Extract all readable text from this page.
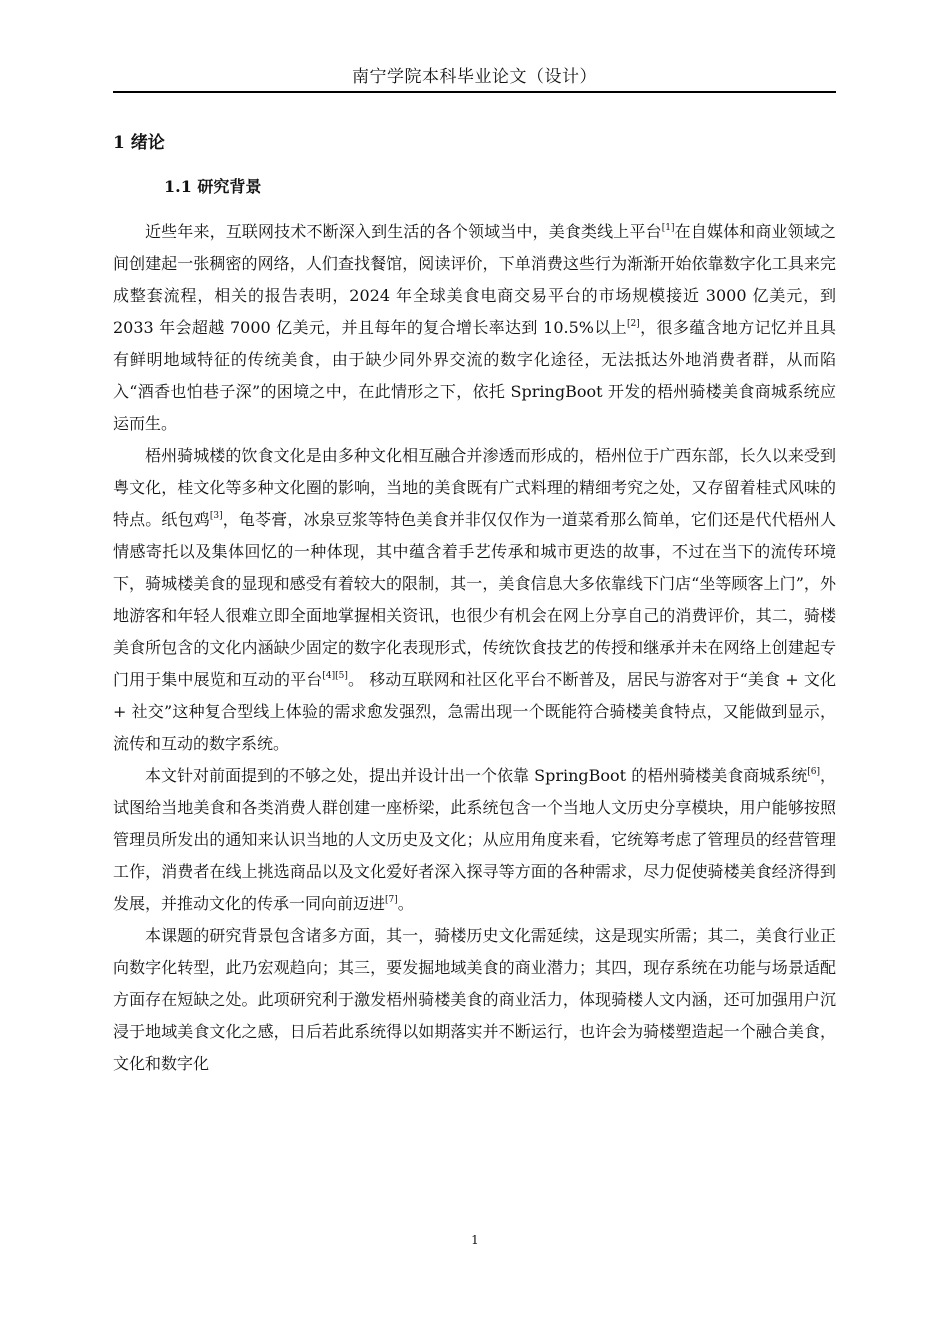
南宁学院本科毕业论文（设计）
1 绪论
1.1 研究背景

近些年来，互联网技术不断深入到生活的各个领域当中，美食类线上平台[1]在自媒体和商业领域之间创建起一张稠密的网络，人们查找餐馆，阅读评价，下单消费这些行为渐渐开始依靠数字化工具来完成整套流程，相关的报告表明，2024 年全球美食电商交易平台的市场规模接近 3000 亿美元，到 2033 年会超越 7000 亿美元，并且每年的复合增长率达到 10.5%以上[2]，很多蕴含地方记忆并且具有鲜明地域特征的传统美食，由于缺少同外界交流的数字化途径，无法抵达外地消费者群，从而陷入“酒香也怕巷子深”的困境之中，在此情形之下，依托 SpringBoot 开发的梧州骑楼美食商城系统应运而生。

梧州骑城楼的饮食文化是由多种文化相互融合并渗透而形成的，梧州位于广西东部，长久以来受到粤文化，桂文化等多种文化圈的影响，当地的美食既有广式料理的精细考究之处，又存留着桂式风味的特点。纸包鸡[3]，龟苓膏，冰泉豆浆等特色美食并非仅仅作为一道菜肴那么简单，它们还是代代梧州人情感寄托以及集体回忆的一种体现，其中蕴含着手艺传承和城市更迭的故事，不过在当下的流传环境下，骑城楼美食的显现和感受有着较大的限制，其一，美食信息大多依靠线下门店“坐等顾客上门”，外地游客和年轻人很难立即全面地掌握相关资讯，也很少有机会在网上分享自己的消费评价，其二，骑楼美食所包含的文化内涵缺少固定的数字化表现形式，传统饮食技艺的传授和继承并未在网络上创建起专门用于集中展览和互动的平台[4][5]。 移动互联网和社区化平台不断普及，居民与游客对于“美食 + 文化 + 社交”这种复合型线上体验的需求愈发强烈，急需出现一个既能符合骑楼美食特点，又能做到显示，流传和互动的数字系统。

本文针对前面提到的不够之处，提出并设计出一个依靠 SpringBoot 的梧州骑楼美食商城系统[6]，试图给当地美食和各类消费人群创建一座桥梁，此系统包含一个当地人文历史分享模块，用户能够按照管理员所发出的通知来认识当地的人文历史及文化；从应用角度来看，它统筹考虑了管理员的经营管理工作，消费者在线上挑选商品以及文化爱好者深入探寻等方面的各种需求，尽力促使骑楼美食经济得到发展，并推动文化的传承一同向前迈进[7]。

本课题的研究背景包含诸多方面，其一，骑楼历史文化需延续，这是现实所需；其二，美食行业正向数字化转型，此乃宏观趋向；其三，要发掘地域美食的商业潜力；其四，现存系统在功能与场景适配方面存在短缺之处。此项研究利于激发梧州骑楼美食的商业活力，体现骑楼人文内涵，还可加强用户沉浸于地域美食文化之感，日后若此系统得以如期落实并不断运行，也许会为骑楼塑造起一个融合美食，文化和数字化

1
